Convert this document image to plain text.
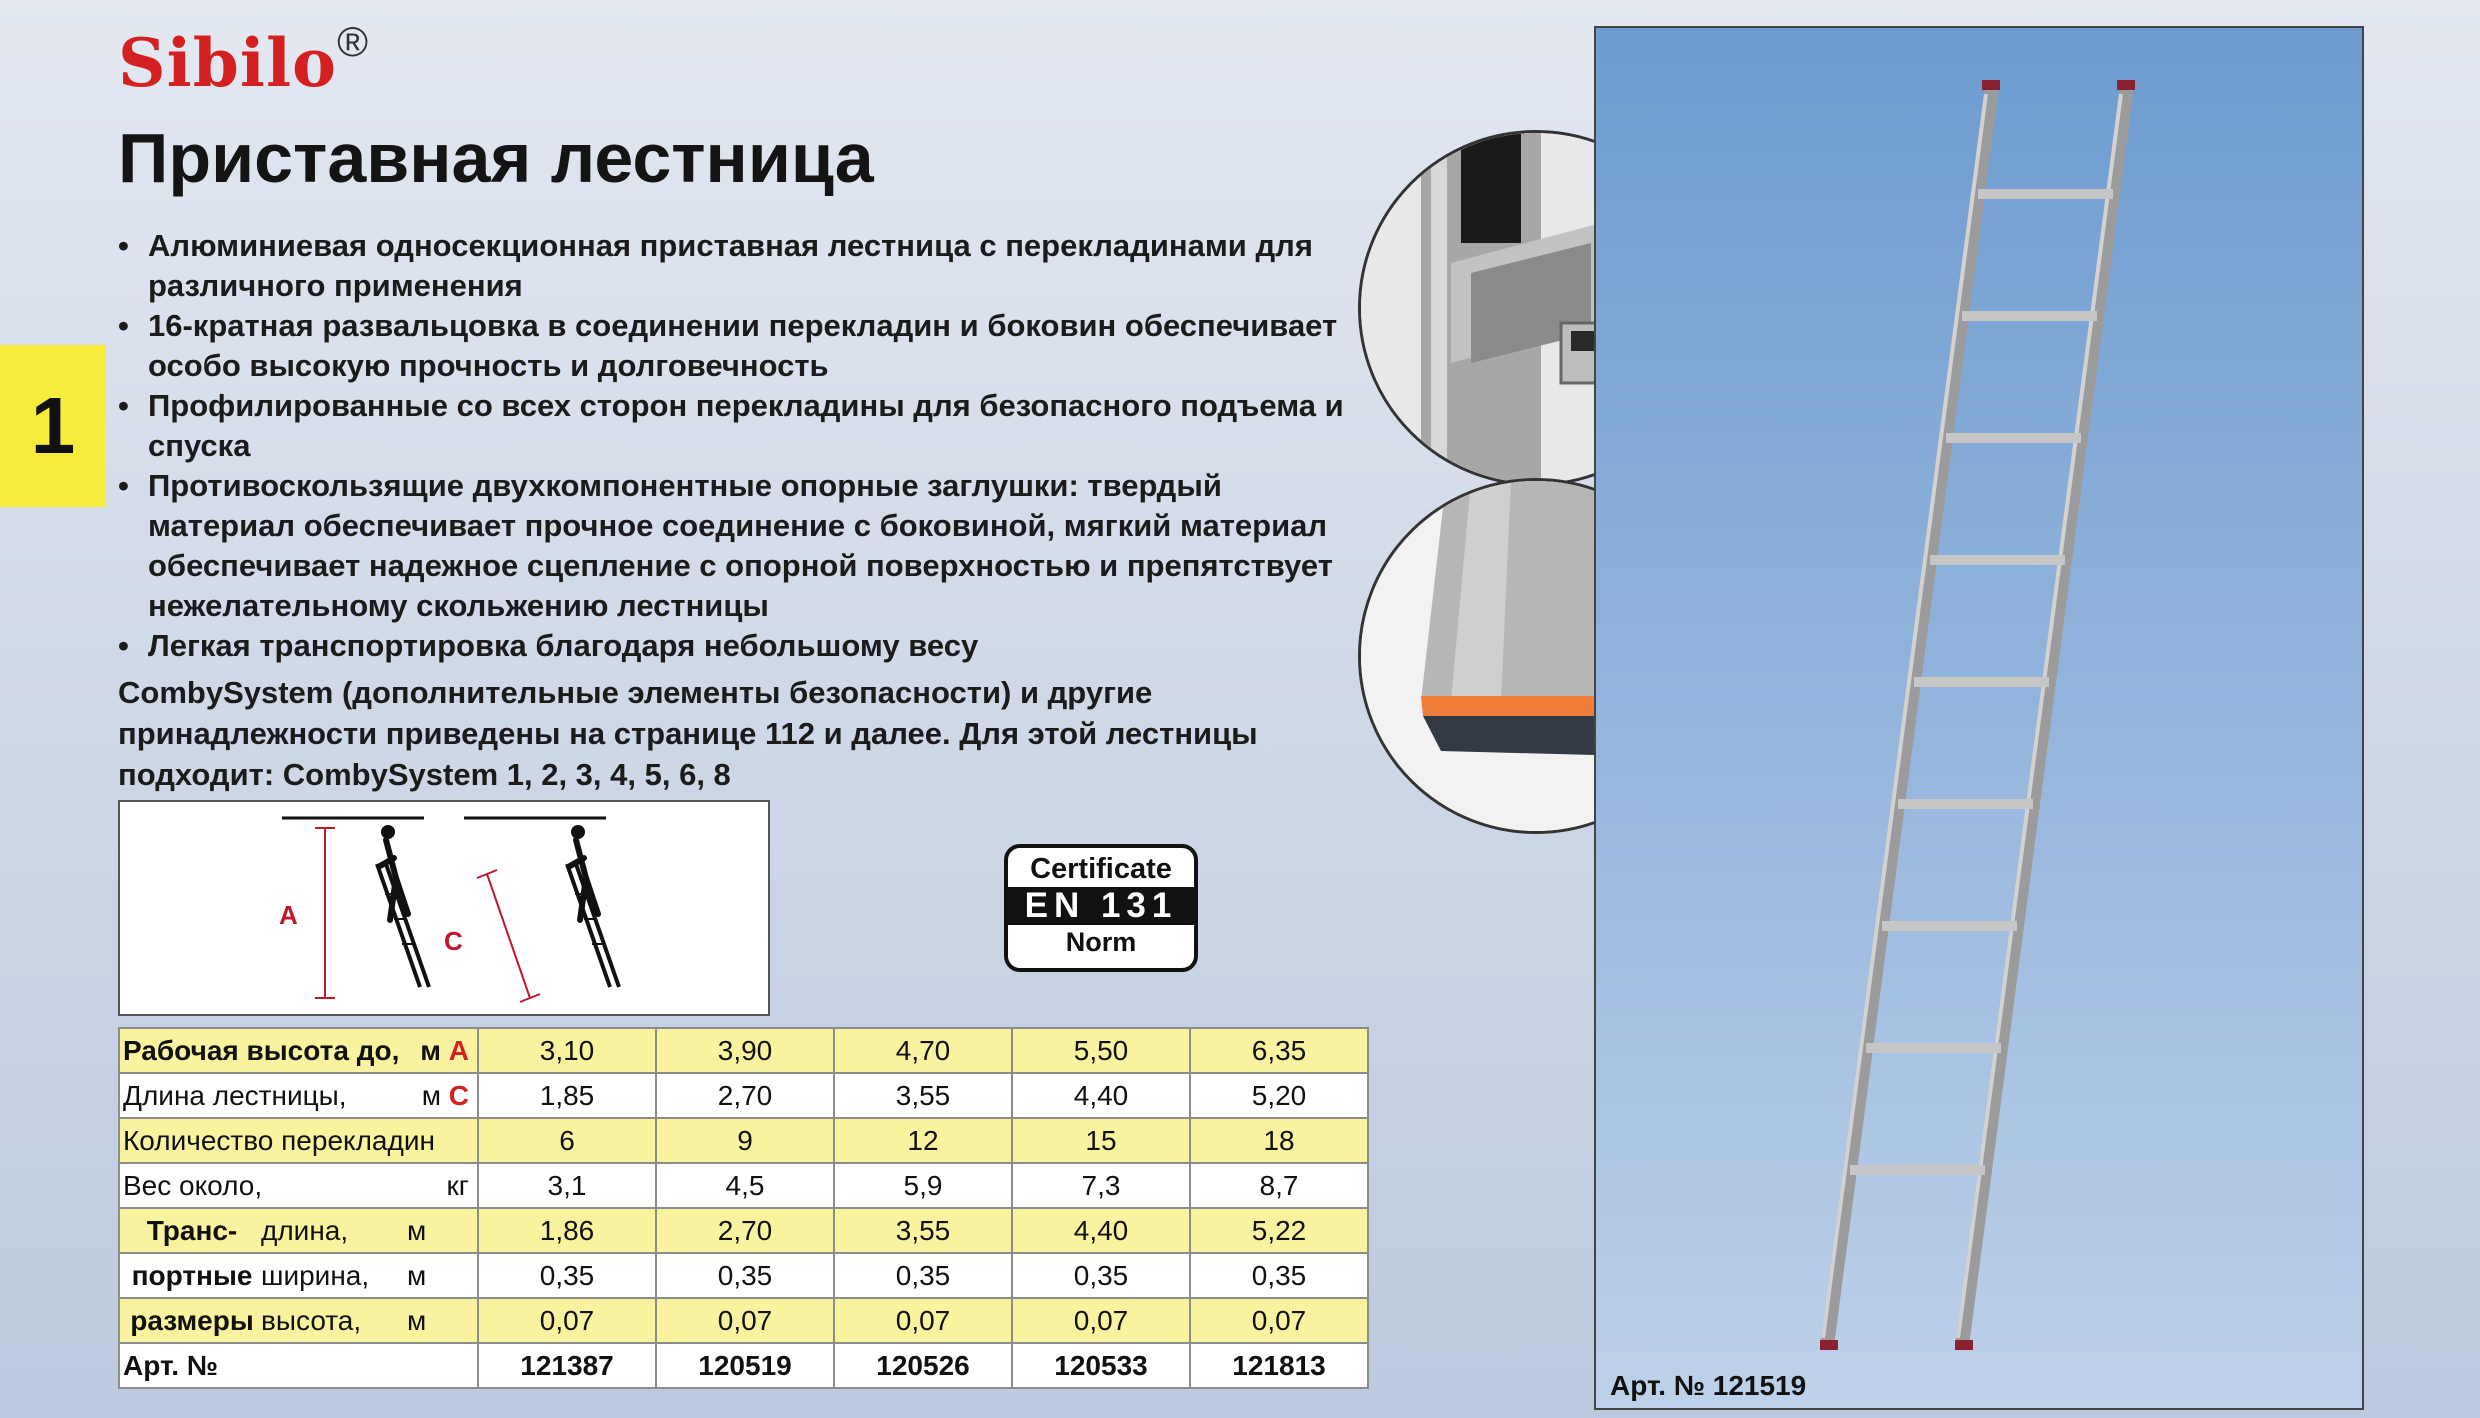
Sibilo®
Приставная лестница
1
• Алюминиевая односекционная приставная лестница с перекладинами для различного применения
• 16-кратная развальцовка в соединении перекладин и боковин обеспечивает особо высокую прочность и долговечность
• Профилированные со всех сторон перекладины для безопасного подъема и спуска
• Противоскользящие двухкомпонентные опорные заглушки: твердый материал обеспечивает прочное соединение с боковиной, мягкий материал обеспечивает надежное сцепление с опорной поверхностью и препятствует нежелательному скольжению лестницы
• Легкая транспортировка благодаря небольшому весу

CombySystem (дополнительные элементы безопасности) и другие принадлежности приведены на странице 112 и далее. Для этой лестницы подходит: CombySystem 1, 2, 3, 4, 5, 6, 8

A
C
Certificate
EN 131
Norm
Рабочая высота до, м A	3,10	3,90	4,70	5,50	6,35

Длина лестницы, м C	1,85	2,70	3,55	4,40	5,20
Количество перекладин	6	9	12	15	18

Вес около, кг	3,1	4,5	5,9	7,3	8,7

Транс- длина, м	1,86	2,70	3,55	4,40	5,22

портные ширина, м	0,35	0,35	0,35	0,35	0,35

размеры высота, м	0,07	0,07	0,07	0,07	0,07
Арт. №	121387	120519	120526	120533	121813
Арт. № 121519
